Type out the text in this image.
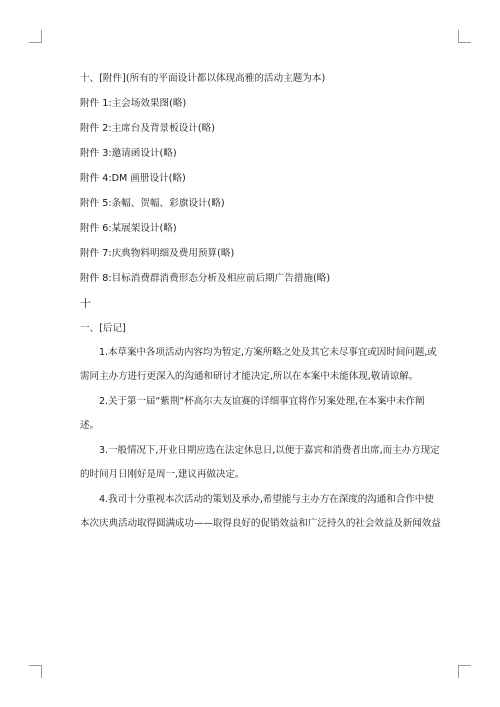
十、[附件](所有的平面设计都以体现高雅的活动主题为本)
附件 1:主会场效果图(略)
附件 2:主席台及背景板设计(略)
附件 3:邀请函设计(略)
附件 4:DM 画册设计(略)
附件 5:条幅、贺幅、彩旗设计(略)
附件 6:某展架设计(略)
附件 7:庆典物料明细及费用预算(略)
附件 8:目标消费群消费形态分析及相应前后期广告措施(略)
十
一、[后记]
1.本草案中各项活动内容均为暂定,方案所略之处及其它未尽事宜或因时间问题,或需同主办方进行更深入的沟通和研讨才能决定,所以在本案中未能体现,敬请谅解。
2.关于第一届“紫荆”杯高尔夫友谊赛的详细事宜将作另案处理,在本案中未作阐述。
3.一般情况下,开业日期应选在法定休息日,以便于嘉宾和消费者出席,而主办方现定的时间月日刚好是周一,建议再做决定。
4.我司十分重视本次活动的策划及承办,希望能与主办方在深度的沟通和合作中使本次庆典活动取得圆满成功——取得良好的促销效益和广泛持久的社会效益及新闻效益
